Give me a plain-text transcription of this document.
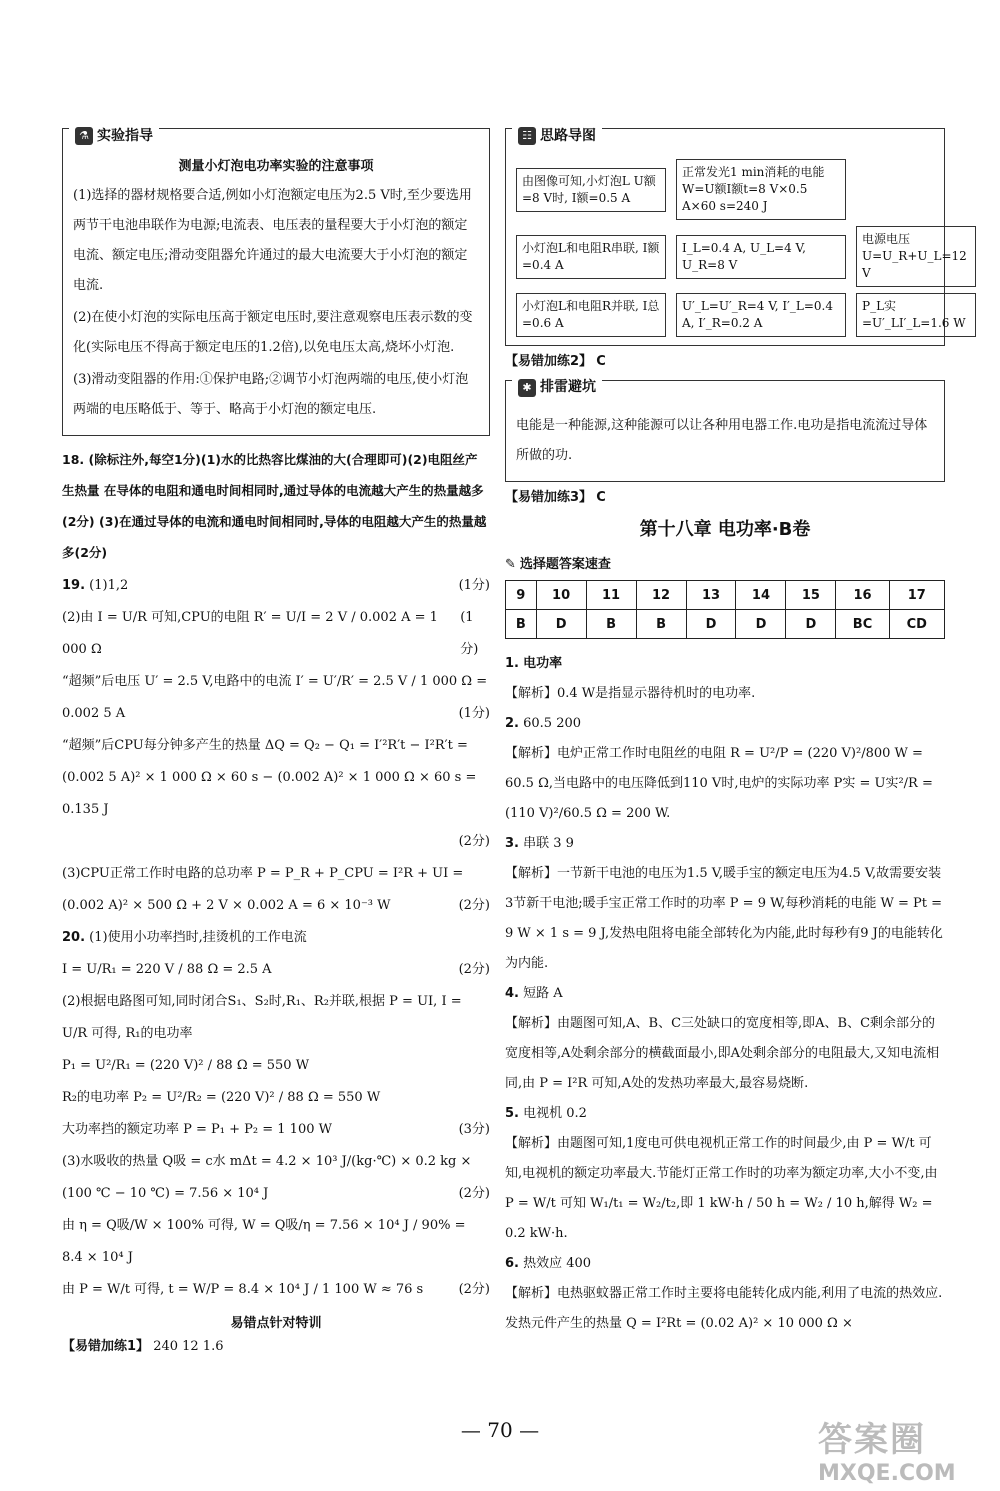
⚗ 实验指导

测量小灯泡电功率实验的注意事项

(1)选择的器材规格要合适,例如小灯泡额定电压为2.5 V时,至少要选用两节干电池串联作为电源;电流表、电压表的量程要大于小灯泡的额定电流、额定电压;滑动变阻器允许通过的最大电流要大于小灯泡的额定电流.

(2)在使小灯泡的实际电压高于额定电压时,要注意观察电压表示数的变化(实际电压不得高于额定电压的1.2倍),以免电压太高,烧坏小灯泡.

(3)滑动变阻器的作用:①保护电路;②调节小灯泡两端的电压,使小灯泡两端的电压略低于、等于、略高于小灯泡的额定电压.

18. (除标注外,每空1分)(1)水的比热容比煤油的大(合理即可)(2)电阻丝产生热量 在导体的电阻和通电时间相同时,通过导体的电流越大产生的热量越多(2分) (3)在通过导体的电流和通电时间相同时,导体的电阻越大产生的热量越多(2分)
19. (1)1,2	(1分)
(2)由 I = U/R 可知,CPU的电阻 R′ = U/I = 2 V / 0.002 A = 1 000 Ω
(1分)
“超频”后电压 U′ = 2.5 V,电路中的电流 I′ = U′/R′ = 2.5 V / 1 000 Ω =
0.002 5 A	(1分)
“超频”后CPU每分钟多产生的热量 ΔQ = Q₂ − Q₁ = I′²R′t − I²R′t =
(0.002 5 A)² × 1 000 Ω × 60 s − (0.002 A)² × 1 000 Ω × 60 s = 0.135 J
(2分)
(3)CPU正常工作时电路的总功率 P = P_R + P_CPU = I²R + UI =
(0.002 A)² × 500 Ω + 2 V × 0.002 A = 6 × 10⁻³ W	(2分)
20. (1)使用小功率挡时,挂烫机的工作电流
I = U/R₁ = 220 V / 88 Ω = 2.5 A	(2分)
(2)根据电路图可知,同时闭合S₁、S₂时,R₁、R₂并联,根据 P = UI, I =
U/R 可得, R₁的电功率
P₁ = U²/R₁ = (220 V)² / 88 Ω = 550 W
R₂的电功率 P₂ = U²/R₂ = (220 V)² / 88 Ω = 550 W
大功率挡的额定功率 P = P₁ + P₂ = 1 100 W	(3分)
(3)水吸收的热量 Q吸 = c水 mΔt = 4.2 × 10³ J/(kg·℃) × 0.2 kg ×
(100 ℃ − 10 ℃) = 7.56 × 10⁴ J	(2分)
由 η = Q吸/W × 100% 可得, W = Q吸/η = 7.56 × 10⁴ J / 90% = 8.4 × 10⁴ J
由 P = W/t 可得, t = W/P = 8.4 × 10⁴ J / 1 100 W ≈ 76 s	(2分)
易错点针对特训
【易错加练1】 240 12 1.6
☷ 思路导图
由图像可知,小灯泡L U额=8 V时, I额=0.5 A
正常发光1 min消耗的电能 W=U额I额t=8 V×0.5 A×60 s=240 J
小灯泡L和电阻R串联, I额=0.4 A
I_L=0.4 A, U_L=4 V, U_R=8 V
电源电压U=U_R+U_L=12 V
小灯泡L和电阻R并联, I总=0.6 A
U′_L=U′_R=4 V, I′_L=0.4 A, I′_R=0.2 A
P_L实=U′_LI′_L=1.6 W
【易错加练2】 C
✱ 排雷避坑

电能是一种能源,这种能源可以让各种用电器工作.电功是指电流流过导体所做的功.

【易错加练3】 C
第十八章 电功率·B卷
✎ 选择题答案速查
9	10	11	12	13	14	15	16	17
B	D	B	B	D	D	D	BC	CD
1. 电功率
【解析】0.4 W是指显示器待机时的电功率.
2. 60.5 200
【解析】电炉正常工作时电阻丝的电阻 R = U²/P = (220 V)²/800 W = 60.5 Ω,当电路中的电压降低到110 V时,电炉的实际功率 P实 = U实²/R = (110 V)²/60.5 Ω = 200 W.
3. 串联 3 9
【解析】一节新干电池的电压为1.5 V,暖手宝的额定电压为4.5 V,故需要安装3节新干电池;暖手宝正常工作时的功率 P = 9 W,每秒消耗的电能 W = Pt = 9 W × 1 s = 9 J,发热电阻将电能全部转化为内能,此时每秒有9 J的电能转化为内能.
4. 短路 A
【解析】由题图可知,A、B、C三处缺口的宽度相等,即A、B、C剩余部分的宽度相等,A处剩余部分的横截面最小,即A处剩余部分的电阻最大,又知电流相同,由 P = I²R 可知,A处的发热功率最大,最容易烧断.
5. 电视机 0.2
【解析】由题图可知,1度电可供电视机正常工作的时间最少,由 P = W/t 可知,电视机的额定功率最大.节能灯正常工作时的功率为额定功率,大小不变,由 P = W/t 可知 W₁/t₁ = W₂/t₂,即 1 kW·h / 50 h = W₂ / 10 h,解得 W₂ = 0.2 kW·h.
6. 热效应 400
【解析】电热驱蚊器正常工作时主要将电能转化成内能,利用了电流的热效应.发热元件产生的热量 Q = I²Rt = (0.02 A)² × 10 000 Ω ×
— 70 —	答案圈
MXQE.COM
